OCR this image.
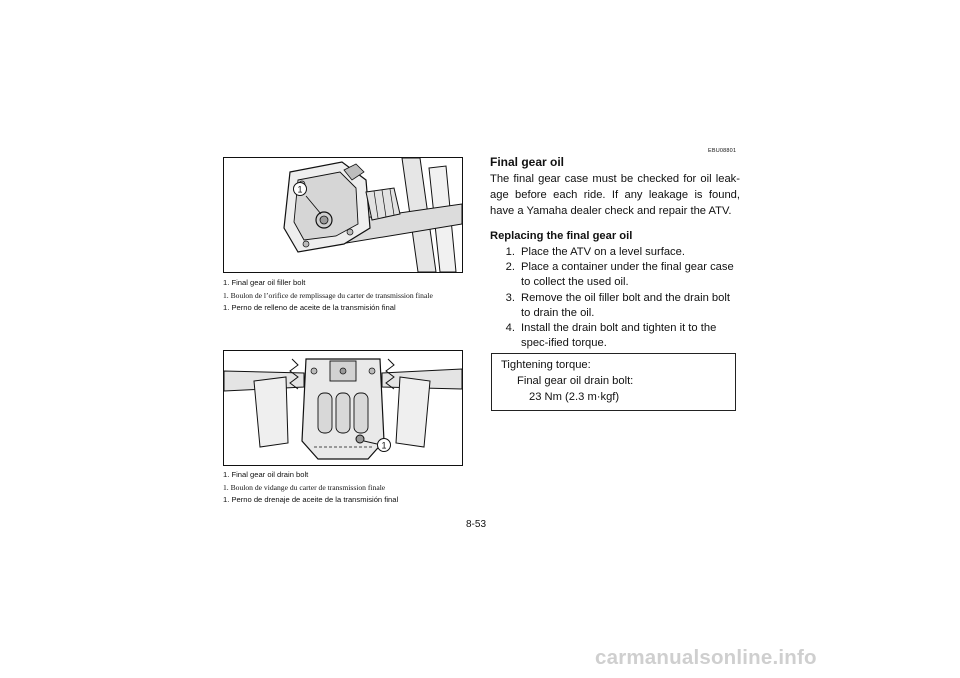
1
1. Final gear oil filler bolt
1. Boulon de l’orifice de remplissage du carter de transmission finale
1. Perno de relleno de aceite de la transmisión final
1
1. Final gear oil drain bolt
1. Boulon de vidange du carter de transmission finale
1. Perno de drenaje de aceite de la transmisión final
EBU08801
Final gear oil
The final gear case must be checked for oil leak-age before each ride. If any leakage is found, have a Yamaha dealer check and repair the ATV.
Replacing the final gear oil
1. Place the ATV on a level surface.
2. Place a container under the final gear case to collect the used oil.
3. Remove the oil filler bolt and the drain bolt to drain the oil.
4. Install the drain bolt and tighten it to the spec-ified torque.
Tightening torque:
Final gear oil drain bolt:
23 Nm (2.3 m·kgf)
8-53
carmanualsonline.info
